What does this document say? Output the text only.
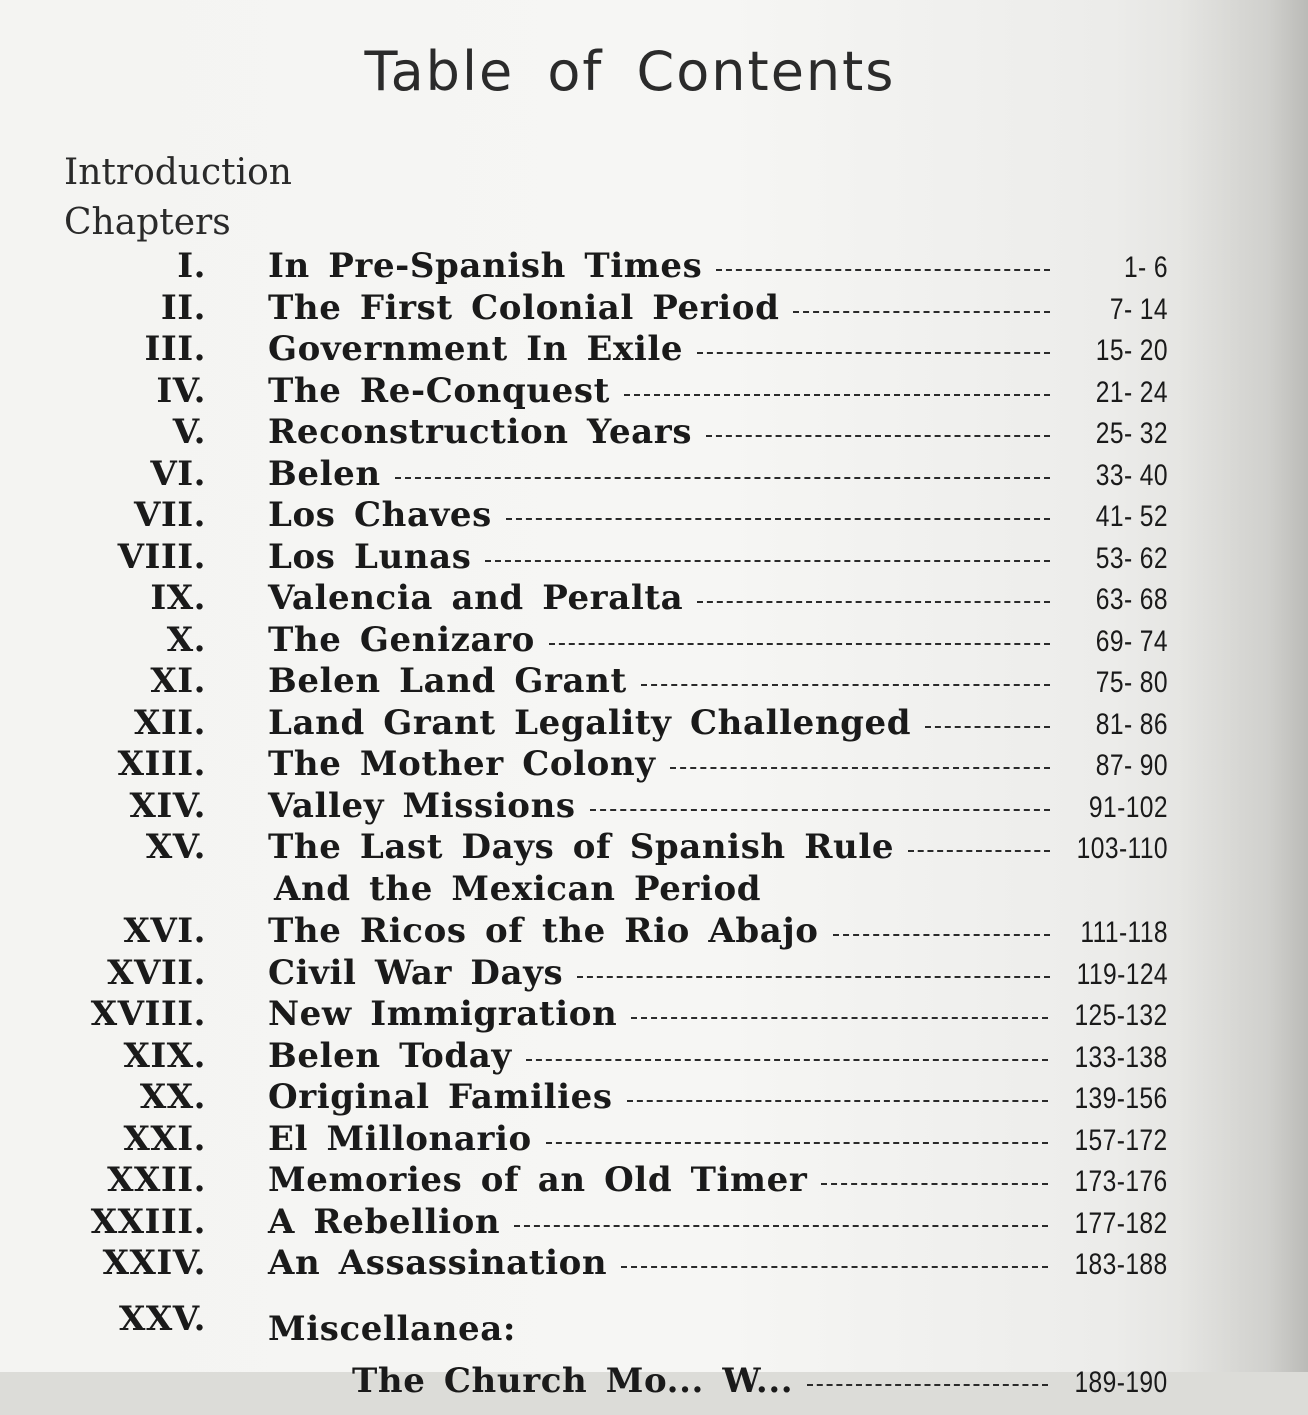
Table of Contents

Introduction

Chapters

I. In Pre-Spanish Times	1- 6
II. The First Colonial Period	7- 14
III. Government In Exile	15- 20
IV. The Re-Conquest	21- 24
V. Reconstruction Years	25- 32
VI. Belen	33- 40
VII. Los Chaves	41- 52
VIII. Los Lunas	53- 62
IX. Valencia and Peralta	63- 68
X. The Genizaro	69- 74
XI. Belen Land Grant	75- 80
XII. Land Grant Legality Challenged	81- 86
XIII. The Mother Colony	87- 90
XIV. Valley Missions	91-102
XV. The Last Days of Spanish Rule	103-110
And the Mexican Period
XVI. The Ricos of the Rio Abajo	111-118
XVII. Civil War Days	119-124
XVIII. New Immigration	125-132
XIX. Belen Today	133-138
XX. Original Families	139-156
XXI. El Millonario	157-172
XXII. Memories of an Old Timer	173-176
XXIII. A Rebellion	177-182
XXIV. An Assassination	183-188
XXV. Miscellanea:
The Church Mo... W...	189-190
